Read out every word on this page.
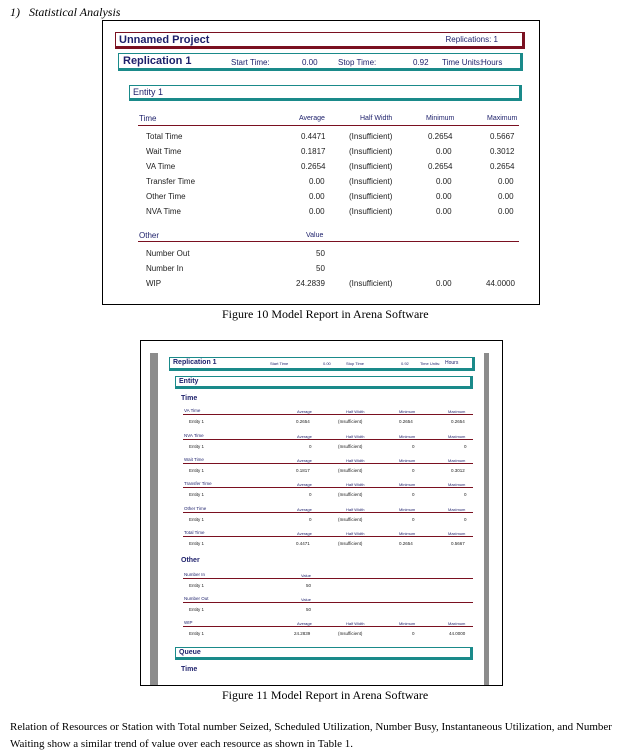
1)   Statistical Analysis
Unnamed Project	Replications: 1
Replication 1	Start Time:	0.00	Stop Time:	0.92 Time Units:
Hours
Entity 1
Time	Average	Half Width	Minimum	Maximum
Total Time	0.4471	(Insufficient)	0.2654	0.5667
Wait Time	0.1817	(Insufficient)	0.00	0.3012
VA Time	0.2654	(Insufficient)	0.2654	0.2654
Transfer Time	0.00	(Insufficient)	0.00	0.00
Other Time	0.00	(Insufficient)	0.00	0.00
NVA Time	0.00	(Insufficient)	0.00	0.00
Other	Value
Number Out	50
Number In	50
WIP	24.2839	(Insufficient)	0.00	44.0000
Figure 10 Model Report in Arena Software
Replication 1	Start Time	0.00	Stop Time	0.92	Time Units: Hours
Entity
Time
VA Time	Average	Half Width	Minimum	Maximum
Entity 1	0.2654	(Insufficient)	0.2654	0.2654
NVA Time	Average	Half Width	Minimum	Maximum
Entity 1	0	(Insufficient)	0	0
Wait Time	Average	Half Width	Minimum	Maximum
Entity 1	0.1817	(Insufficient)	0	0.3012
Transfer Time	Average	Half Width	Minimum	Maximum
Entity 1	0	(Insufficient)	0	0
Other Time	Average	Half Width	Minimum	Maximum
Entity 1	0	(Insufficient)	0	0
Total Time	Average	Half Width	Minimum	Maximum
Entity 1	0.4471	(Insufficient)	0.2654	0.5667
Other
Number In	Value
Entity 1	50
Number Out	Value
Entity 1	50
WIP	Average	Half Width	Minimum	Maximum
Entity 1	24.2839	(Insufficient)	0	44.0000
Queue
Time
Figure 11 Model Report in Arena Software

Relation of Resources or Station with Total number Seized, Scheduled Utilization, Number Busy, Instantaneous Utilization, and Number Waiting show a similar trend of value over each resource as shown in Table 1.
